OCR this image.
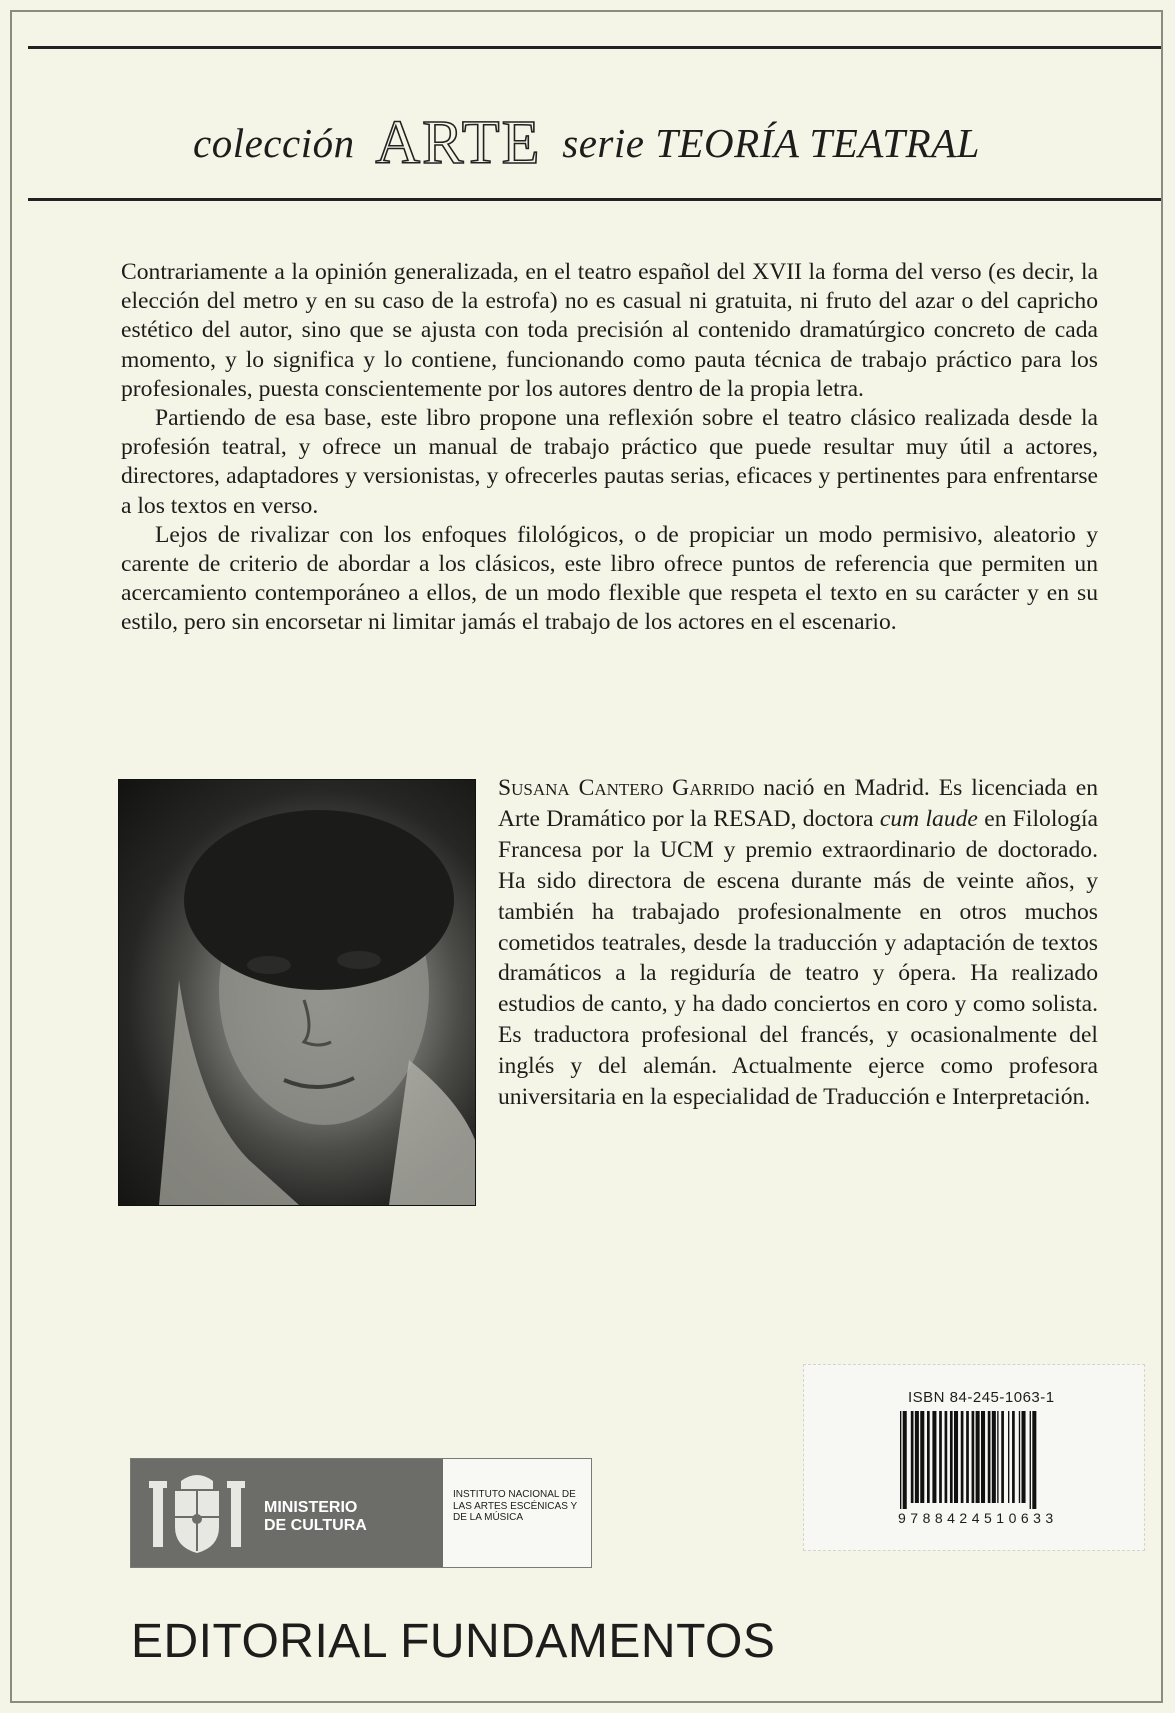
colección ARTE serie TEORÍA TEATRAL

Contrariamente a la opinión generalizada, en el teatro español del XVII la forma del verso (es decir, la elección del metro y en su caso de la estrofa) no es casual ni gratuita, ni fruto del azar o del capricho estético del autor, sino que se ajusta con toda precisión al contenido dramatúrgico concreto de cada momento, y lo significa y lo contiene, funcionando como pauta técnica de trabajo práctico para los profesionales, puesta conscientemente por los autores dentro de la propia letra.

Partiendo de esa base, este libro propone una reflexión sobre el teatro clásico realizada desde la profesión teatral, y ofrece un manual de trabajo práctico que puede resultar muy útil a actores, directores, adaptadores y versionistas, y ofrecerles pautas serias, eficaces y pertinentes para enfrentarse a los textos en verso.

Lejos de rivalizar con los enfoques filológicos, o de propiciar un modo permisivo, aleatorio y carente de criterio de abordar a los clásicos, este libro ofrece puntos de referencia que permiten un acercamiento contemporáneo a ellos, de un modo flexible que respeta el texto en su carácter y en su estilo, pero sin encorsetar ni limitar jamás el trabajo de los actores en el escenario.

Susana Cantero Garrido nació en Madrid. Es licenciada en Arte Dramático por la RESAD, doctora cum laude en Filología Francesa por la UCM y premio extraordinario de doctorado. Ha sido directora de escena durante más de veinte años, y también ha trabajado profesionalmente en otros muchos cometidos teatrales, desde la traducción y adaptación de textos dramáticos a la regiduría de teatro y ópera. Ha realizado estudios de canto, y ha dado conciertos en coro y como solista. Es traductora profesional del francés, y ocasionalmente del inglés y del alemán. Actualmente ejerce como profesora universitaria en la especialidad de Traducción e Interpretación.

ISBN 84-245-1063-1
9788424510633
MINISTERIO
DE CULTURA
INSTITUTO NACIONAL DE LAS ARTES ESCÉNICAS Y DE LA MÚSICA
EDITORIAL FUNDAMENTOS
